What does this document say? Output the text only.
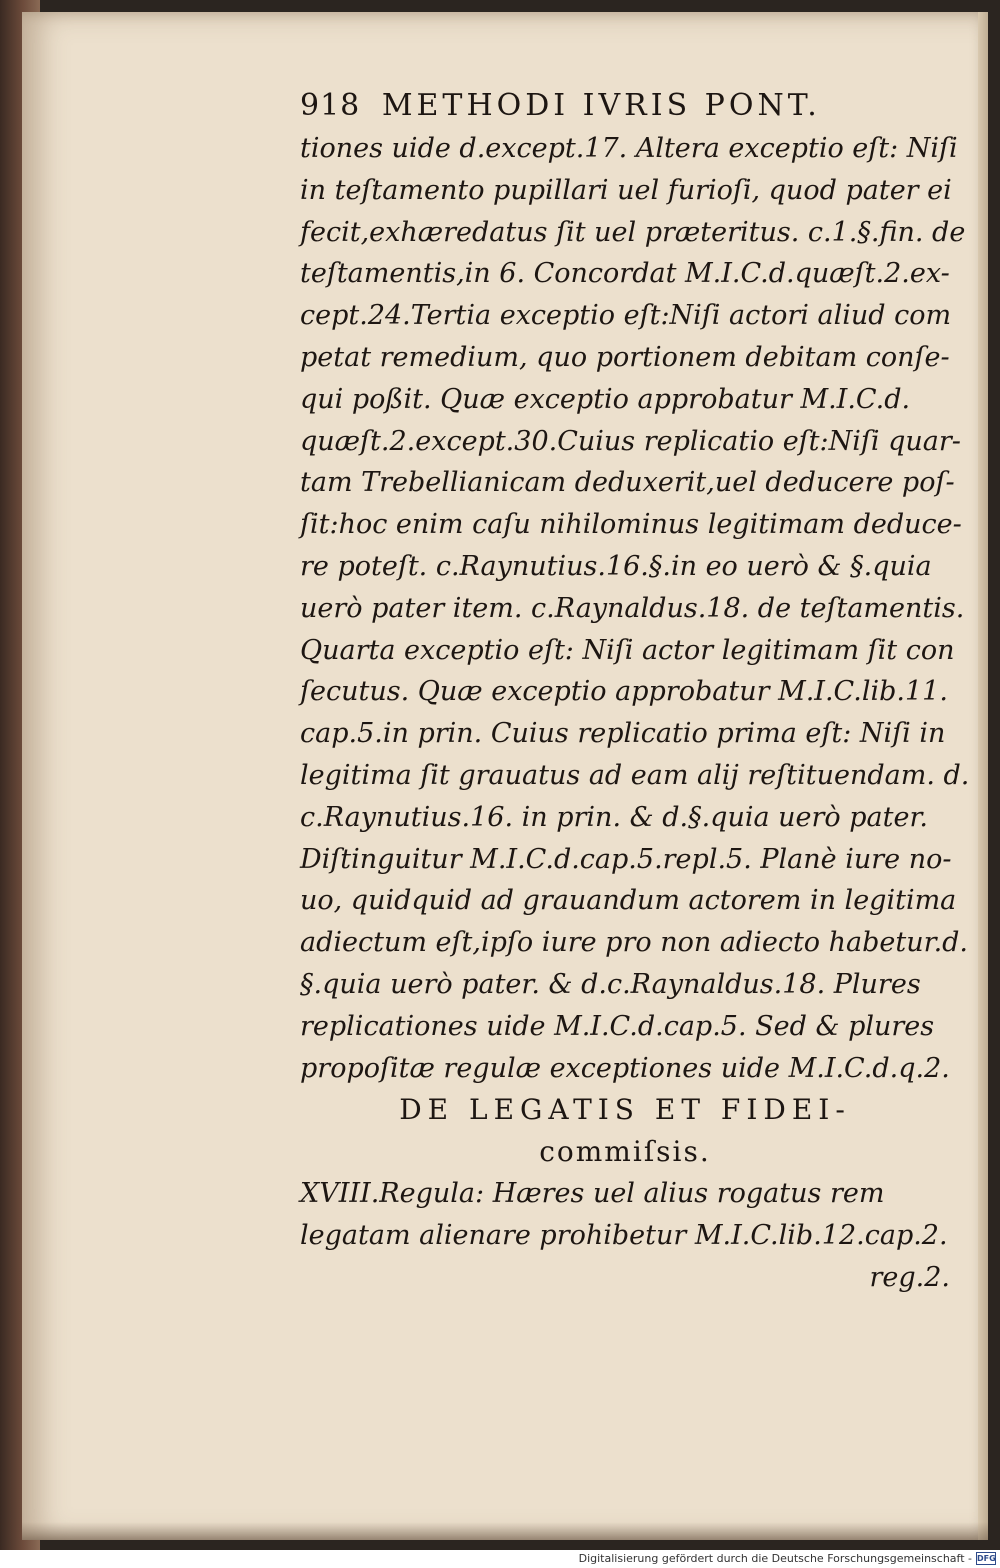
918 METHODI IVRIS PONT.

tiones uide d.except.17. Altera exceptio eſt: Niſi

in teſtamento pupillari uel furioſi, quod pater ei

fecit,exhæredatus ſit uel præteritus. c.1.§.fin. de

teſtamentis,in 6. Concordat M.I.C.d.quæſt.2.ex-

cept.24.Tertia exceptio eſt:Niſi actori aliud com

petat remedium, quo portionem debitam conſe-

qui poßit. Quæ exceptio approbatur M.I.C.d.

quæſt.2.except.30.Cuius replicatio eſt:Niſi quar-

tam Trebellianicam deduxerit,uel deducere poſ-

ſit:hoc enim caſu nihilominus legitimam deduce-

re poteſt. c.Raynutius.16.§.in eo uerò & §.quia

uerò pater item. c.Raynaldus.18. de teſtamentis.

Quarta exceptio eſt: Niſi actor legitimam ſit con

ſecutus. Quæ exceptio approbatur M.I.C.lib.11.

cap.5.in prin. Cuius replicatio prima eſt: Niſi in

legitima ſit grauatus ad eam alij reſtituendam. d.

c.Raynutius.16. in prin. & d.§.quia uerò pater.

Diſtinguitur M.I.C.d.cap.5.repl.5. Planè iure no-

uo, quidquid ad grauandum actorem in legitima

adiectum eſt,ipſo iure pro non adiecto habetur.d.

§.quia uerò pater. & d.c.Raynaldus.18. Plures

replicationes uide M.I.C.d.cap.5. Sed & plures

propoſitæ regulæ exceptiones uide M.I.C.d.q.2.

DE LEGATIS ET FIDEI-

commiſsis.

XVIII.Regula: Hæres uel alius rogatus rem

legatam alienare prohibetur M.I.C.lib.12.cap.2.

reg.2.

Digitalisierung gefördert durch die Deutsche Forschungsgemeinschaft - DFG
